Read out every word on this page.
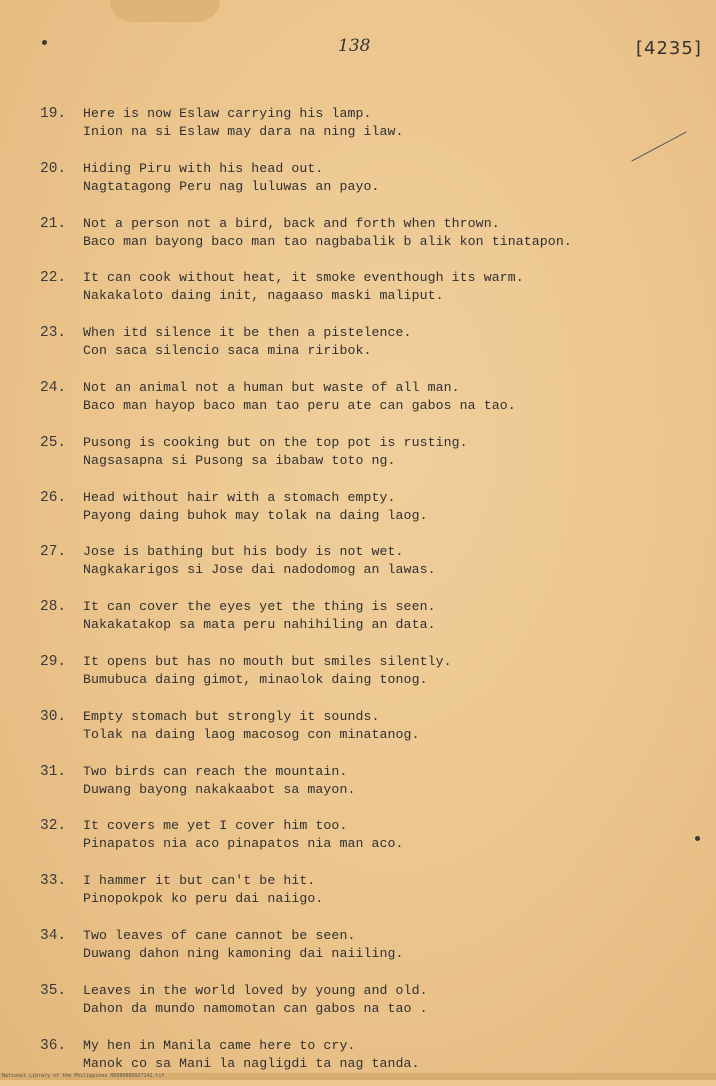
138	[4235]
19. Here is now Eslaw carrying his lamp.
Inion na si Eslaw may dara na ning ilaw.
20. Hiding Piru with his head out.
Nagtatagong Peru nag luluwas an payo.
21. Not a person not a bird, back and forth when thrown.
Baco man bayong baco man tao nagbabalik b alik kon tinatapon.
22. It can cook without heat, it smoke eventhough its warm.
Nakakaloto daing init, nagaaso maski maliput.
23. When itd silence it be then a pistelence.
Con saca silencio saca mina riribok.
24. Not an animal not a human but waste of all man.
Baco man hayop baco man tao peru ate can gabos na tao.
25. Pusong is cooking but on the top pot is rusting.
Nagsasapna si Pusong sa ibabaw toto ng.
26. Head without hair with a stomach empty.
Payong daing buhok may tolak na daing laog.
27. Jose is bathing but his body is not wet.
Nagkakarigos si Jose dai nadodomog an lawas.
28. It can cover the eyes yet the thing is seen.
Nakakatakop sa mata peru nahihiling an data.
29. It opens but has no mouth but smiles silently.
Bumubuca daing gimot, minaolok daing tonog.
30. Empty stomach but strongly it sounds.
Tolak na daing laog macosog con minatanog.
31. Two birds can reach the mountain.
Duwang bayong nakakaabot sa mayon.
32. It covers me yet I cover him too.
Pinapatos nia aco pinapatos nia man aco.
33. I hammer it but can't be hit.
Pinopokpok ko peru dai naiigo.
34. Two leaves of cane cannot be seen.
Duwang dahon ning kamoning dai naiiling.
35. Leaves in the world loved by young and old.
Dahon da mundo namomotan can gabos na tao .
36. My hen in Manila came here to cry.
Manok co sa Mani la nagligdi ta nag tanda.
National Library of the Philippines HD089880027142.tif
